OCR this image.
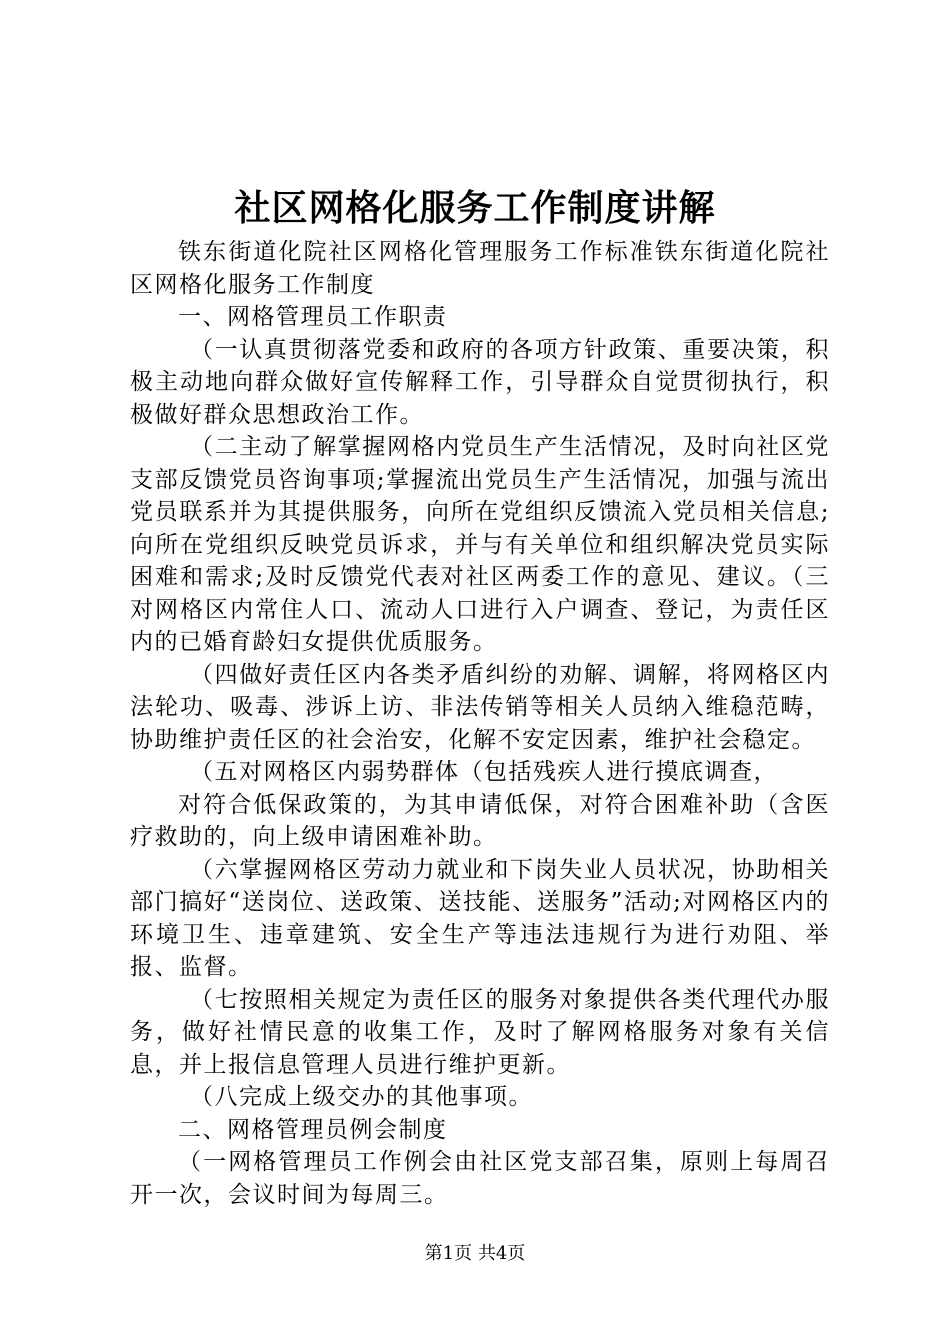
社区网格化服务工作制度讲解

铁东街道化院社区网格化管理服务工作标准铁东街道化院社区网格化服务工作制度

一、网格管理员工作职责

（一认真贯彻落党委和政府的各项方针政策、重要决策，积极主动地向群众做好宣传解释工作，引导群众自觉贯彻执行，积极做好群众思想政治工作。

（二主动了解掌握网格内党员生产生活情况，及时向社区党支部反馈党员咨询事项;掌握流出党员生产生活情况，加强与流出党员联系并为其提供服务，向所在党组织反馈流入党员相关信息;向所在党组织反映党员诉求，并与有关单位和组织解决党员实际困难和需求;及时反馈党代表对社区两委工作的意见、建议。（三对网格区内常住人口、流动人口进行入户调查、登记，为责任区内的已婚育龄妇女提供优质服务。

（四做好责任区内各类矛盾纠纷的劝解、调解，将网格区内法轮功、吸毒、涉诉上访、非法传销等相关人员纳入维稳范畴，协助维护责任区的社会治安，化解不安定因素，维护社会稳定。

（五对网格区内弱势群体（包括残疾人进行摸底调查，

对符合低保政策的，为其申请低保，对符合困难补助（含医疗救助的，向上级申请困难补助。

（六掌握网格区劳动力就业和下岗失业人员状况，协助相关部门搞好“送岗位、送政策、送技能、送服务”活动;对网格区内的环境卫生、违章建筑、安全生产等违法违规行为进行劝阻、举报、监督。

（七按照相关规定为责任区的服务对象提供各类代理代办服务，做好社情民意的收集工作，及时了解网格服务对象有关信息，并上报信息管理人员进行维护更新。

（八完成上级交办的其他事项。

二、网格管理员例会制度

（一网格管理员工作例会由社区党支部召集，原则上每周召开一次，会议时间为每周三。

第1页 共4页
